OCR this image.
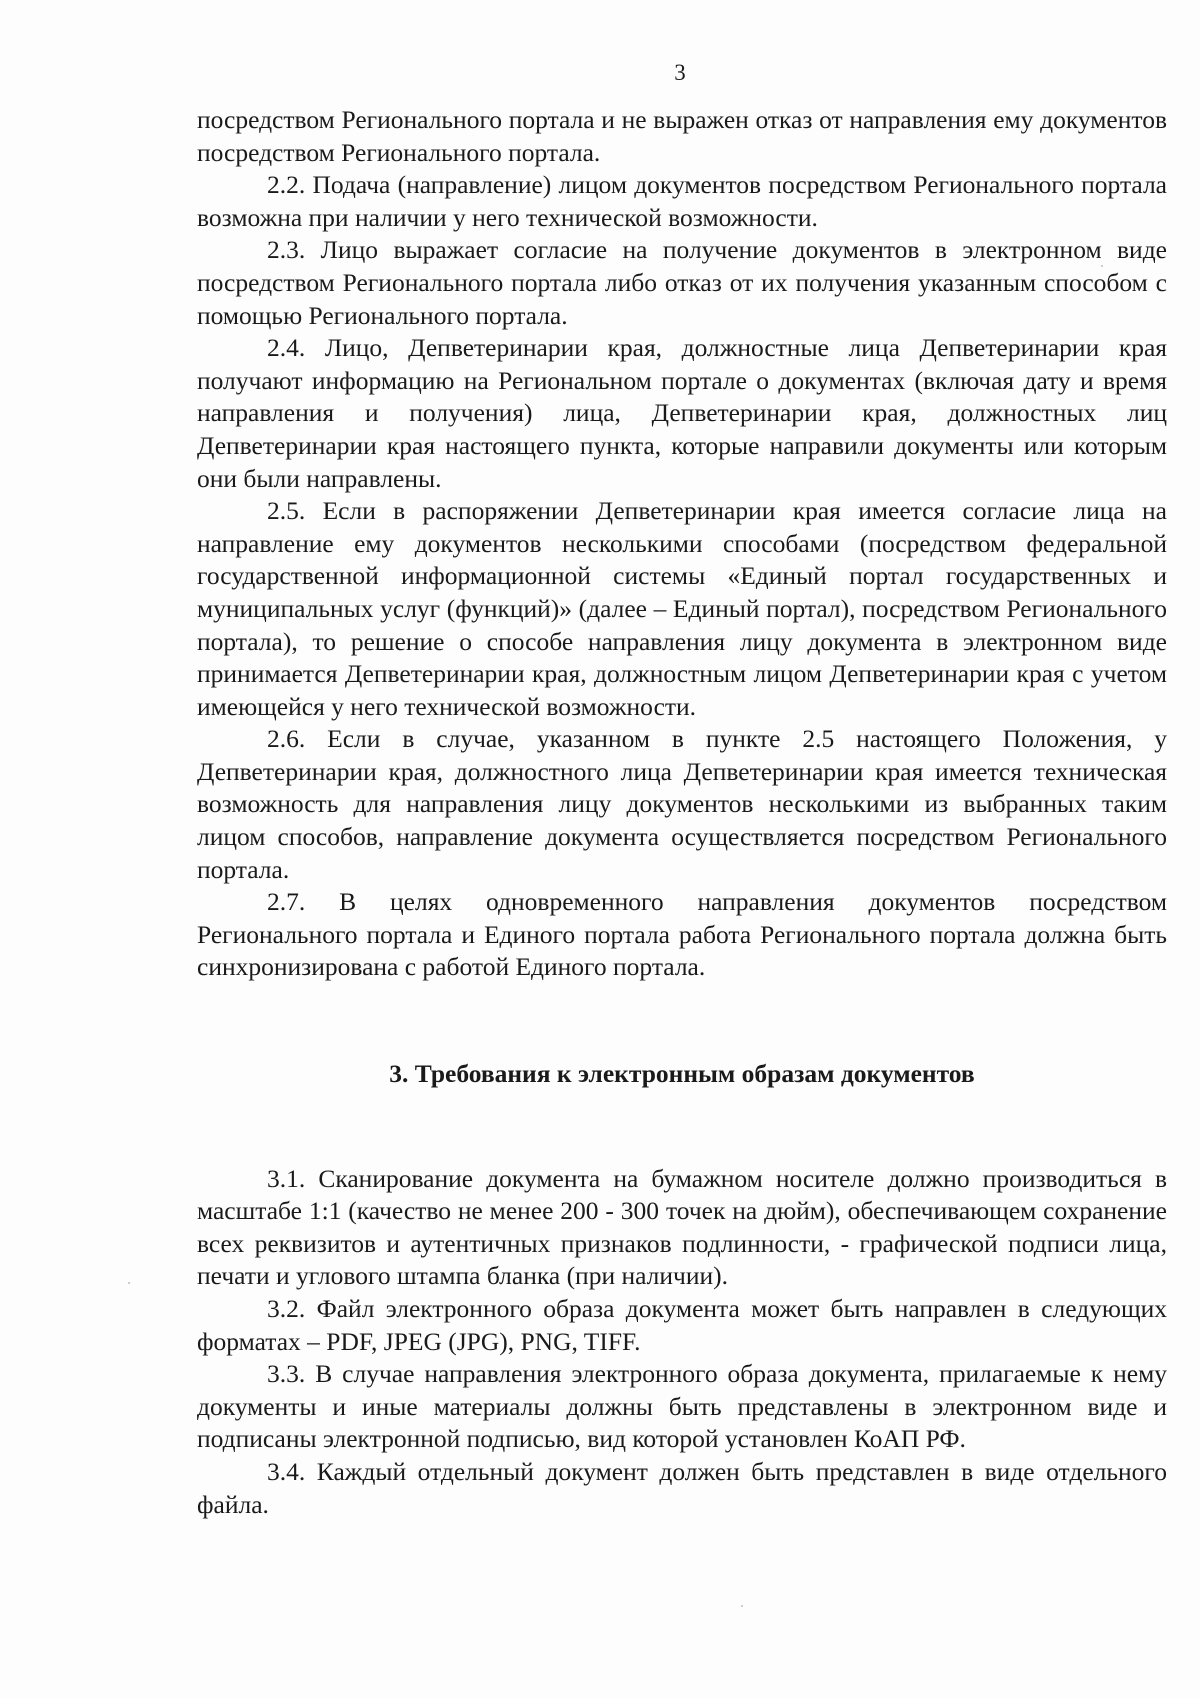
3

посредством Регионального портала и не выражен отказ от направления ему документов посредством Регионального портала.

2.2. Подача (направление) лицом документов посредством Регионального портала возможна при наличии у него технической возможности.

2.3. Лицо выражает согласие на получение документов в электронном виде посредством Регионального портала либо отказ от их получения указанным способом с помощью Регионального портала.

2.4. Лицо, Депветеринарии края, должностные лица Депветеринарии края получают информацию на Региональном портале о документах (включая дату и время направления и получения) лица, Депветеринарии края, должностных лиц Депветеринарии края настоящего пункта, которые направили документы или которым они были направлены.

2.5. Если в распоряжении Депветеринарии края имеется согласие лица на направление ему документов несколькими способами (посредством федеральной государственной информационной системы «Единый портал государственных и муниципальных услуг (функций)» (далее – Единый портал), посредством Регионального портала), то решение о способе направления лицу документа в электронном виде принимается Депветеринарии края, должностным лицом Депветеринарии края с учетом имеющейся у него технической возможности.

2.6. Если в случае, указанном в пункте 2.5 настоящего Положения, у Депветеринарии края, должностного лица Депветеринарии края имеется техническая возможность для направления лицу документов несколькими из выбранных таким лицом способов, направление документа осуществляется посредством Регионального портала.

2.7. В целях одновременного направления документов посредством Регионального портала и Единого портала работа Регионального портала должна быть синхронизирована с работой Единого портала.

3. Требования к электронным образам документов

3.1. Сканирование документа на бумажном носителе должно производиться в масштабе 1:1 (качество не менее 200 - 300 точек на дюйм), обеспечивающем сохранение всех реквизитов и аутентичных признаков подлинности, - графической подписи лица, печати и углового штампа бланка (при наличии).

3.2. Файл электронного образа документа может быть направлен в следующих форматах – PDF, JPEG (JPG), PNG, TIFF.

3.3. В случае направления электронного образа документа, прилагаемые к нему документы и иные материалы должны быть представлены в электронном виде и подписаны электронной подписью, вид которой установлен КоАП РФ.

3.4. Каждый отдельный документ должен быть представлен в виде отдельного файла.
